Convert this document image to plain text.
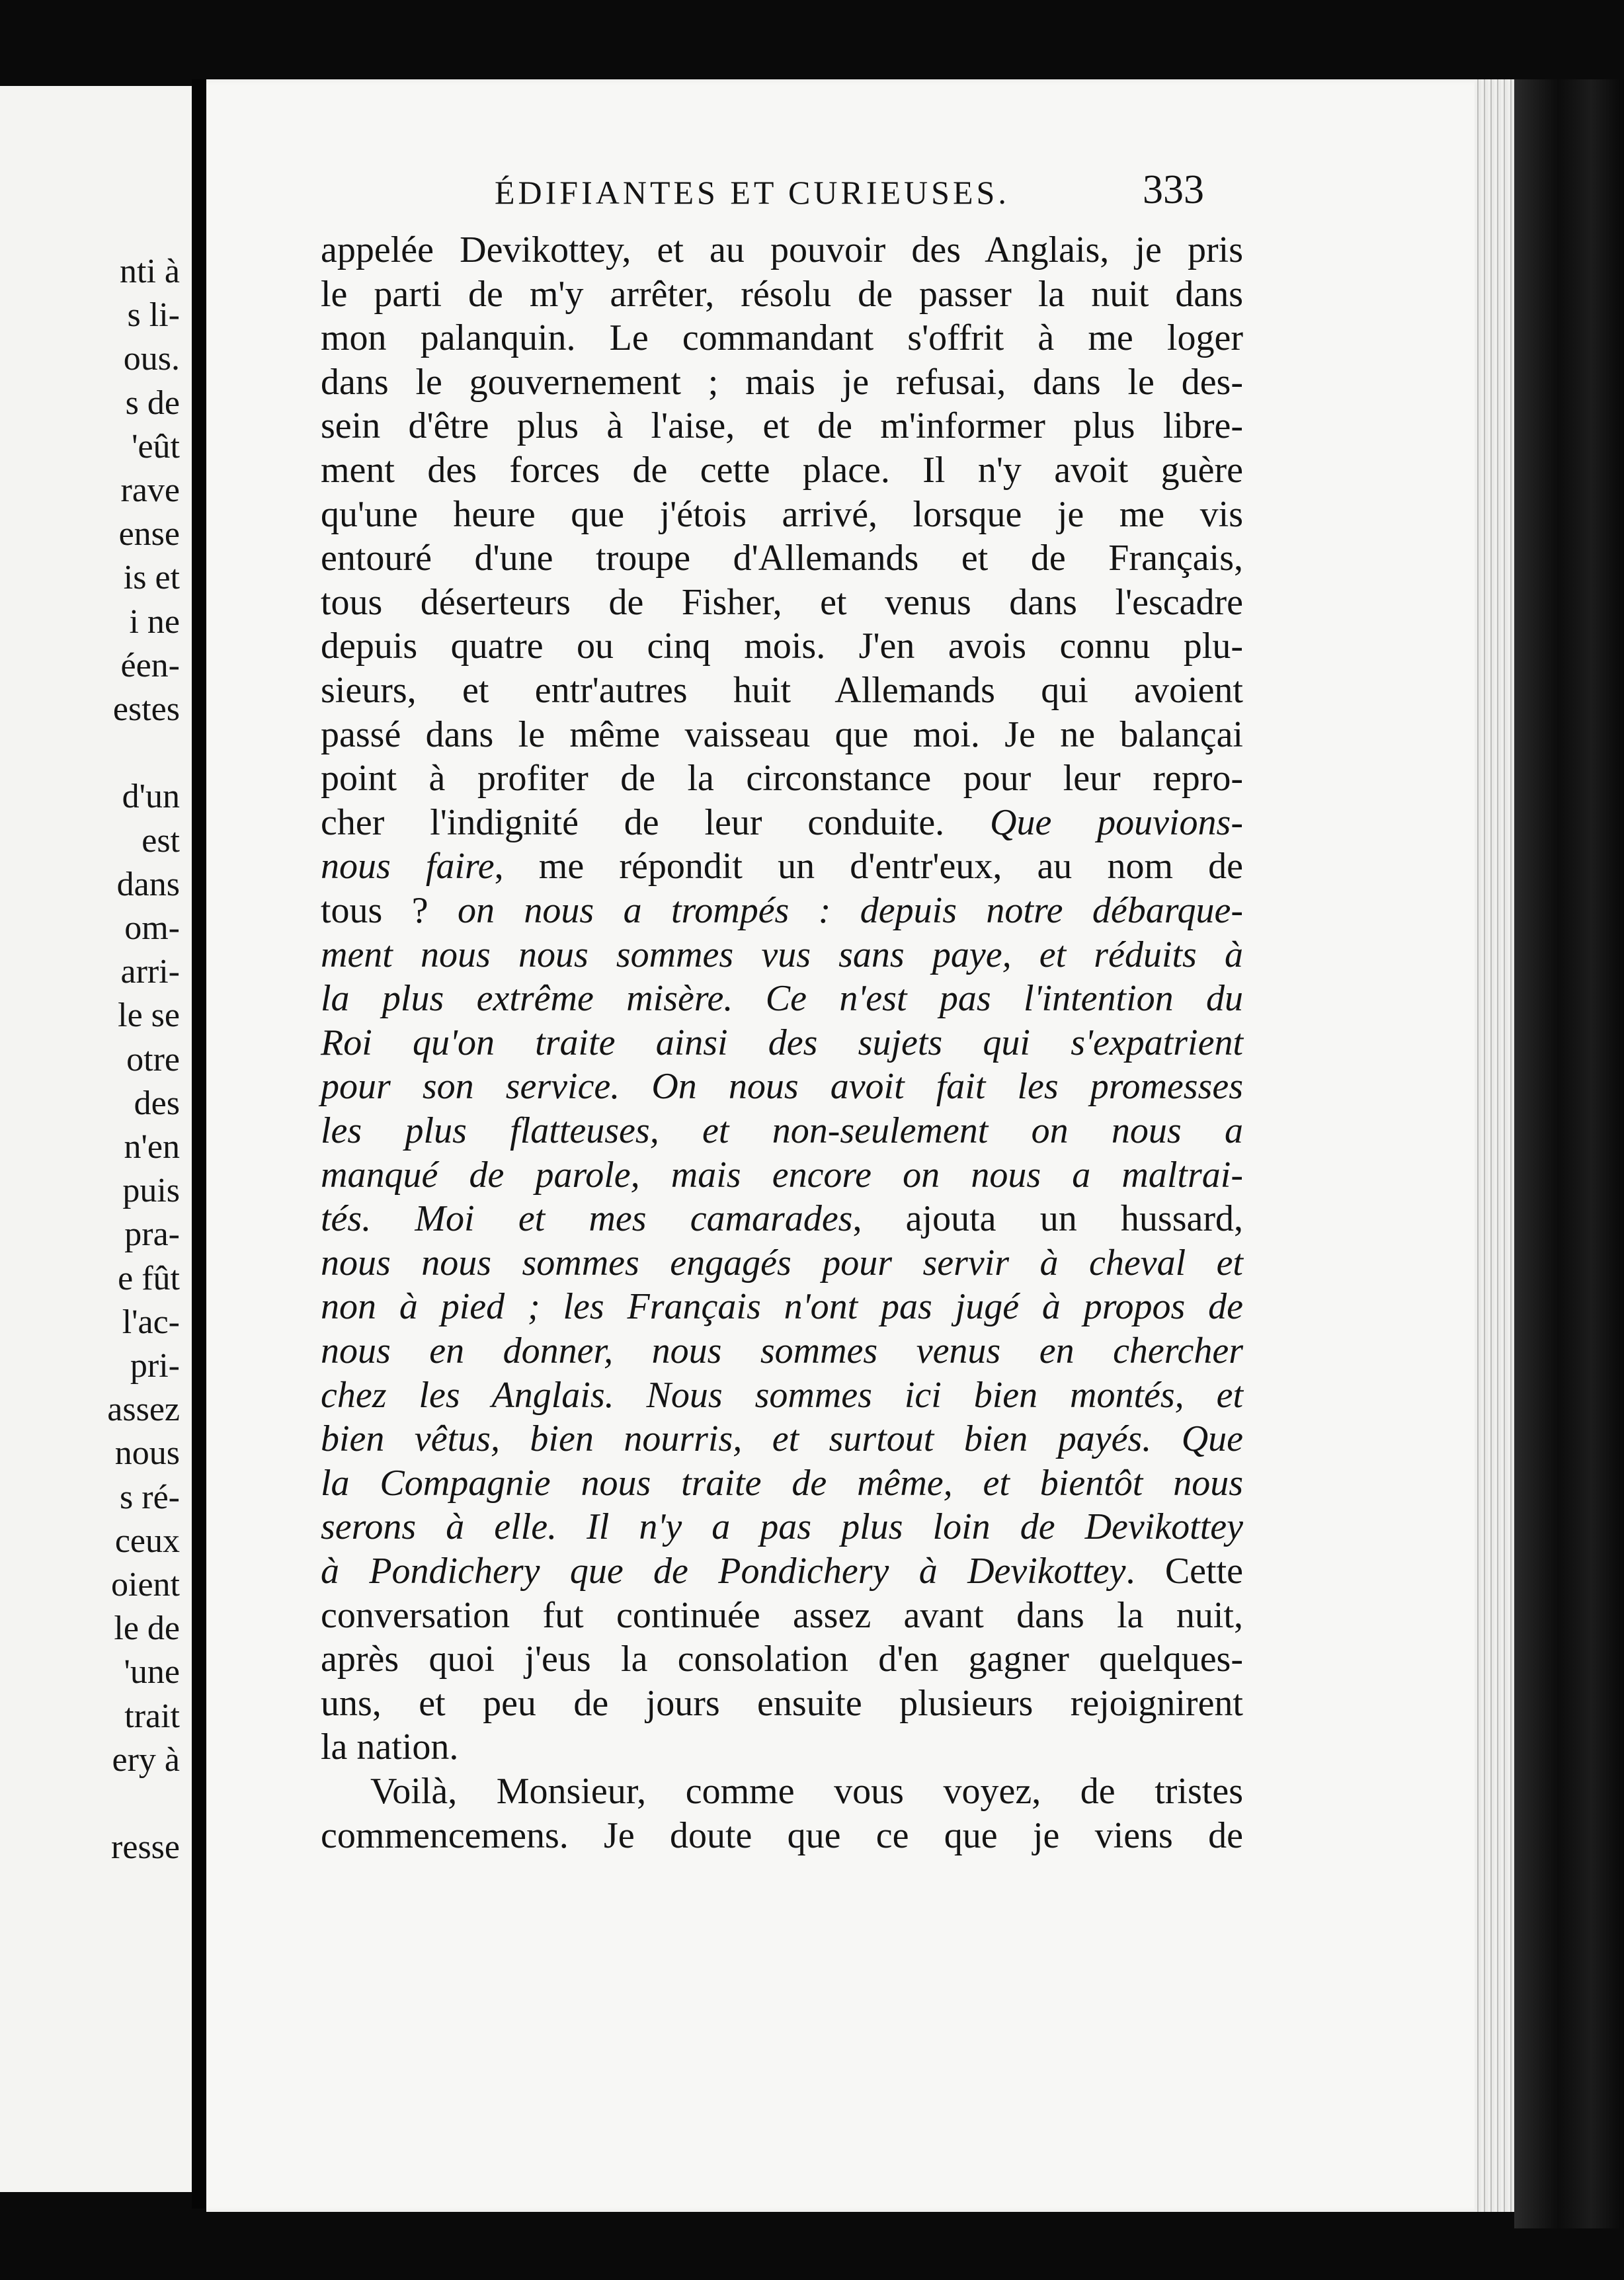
nti à
s li-
ous.
s de
'eût
rave
ense
is et
i ne
éen-
estes
d'un
est
dans
om-
arri-
le se
otre
des
n'en
puis
pra-
e fût
l'ac-
pri-
assez
nous
s ré-
ceux
oient
le de
'une
trait
ery à
resse
ÉDIFIANTES ET CURIEUSES.	333
appelée Devikottey, et au pouvoir des Anglais, je pris
le parti de m'y arrêter, résolu de passer la nuit dans
mon palanquin. Le commandant s'offrit à me loger
dans le gouvernement ; mais je refusai, dans le des-
sein d'être plus à l'aise, et de m'informer plus libre-
ment des forces de cette place. Il n'y avoit guère
qu'une heure que j'étois arrivé, lorsque je me vis
entouré d'une troupe d'Allemands et de Français,
tous déserteurs de Fisher, et venus dans l'escadre
depuis quatre ou cinq mois. J'en avois connu plu-
sieurs, et entr'autres huit Allemands qui avoient
passé dans le même vaisseau que moi. Je ne balançai
point à profiter de la circonstance pour leur repro-
cher l'indignité de leur conduite. Que pouvions-
nous faire, me répondit un d'entr'eux, au nom de
tous ? on nous a trompés : depuis notre débarque-
ment nous nous sommes vus sans paye, et réduits à
la plus extrême misère. Ce n'est pas l'intention du
Roi qu'on traite ainsi des sujets qui s'expatrient
pour son service. On nous avoit fait les promesses
les plus flatteuses, et non-seulement on nous a
manqué de parole, mais encore on nous a maltrai-
tés. Moi et mes camarades, ajouta un hussard,
nous nous sommes engagés pour servir à cheval et
non à pied ; les Français n'ont pas jugé à propos de
nous en donner, nous sommes venus en chercher
chez les Anglais. Nous sommes ici bien montés, et
bien vêtus, bien nourris, et surtout bien payés. Que
la Compagnie nous traite de même, et bientôt nous
serons à elle. Il n'y a pas plus loin de Devikottey
à Pondichery que de Pondichery à Devikottey. Cette
conversation fut continuée assez avant dans la nuit,
après quoi j'eus la consolation d'en gagner quelques-
uns, et peu de jours ensuite plusieurs rejoignirent
la nation.
Voilà, Monsieur, comme vous voyez, de tristes
commencemens. Je doute que ce que je viens de
